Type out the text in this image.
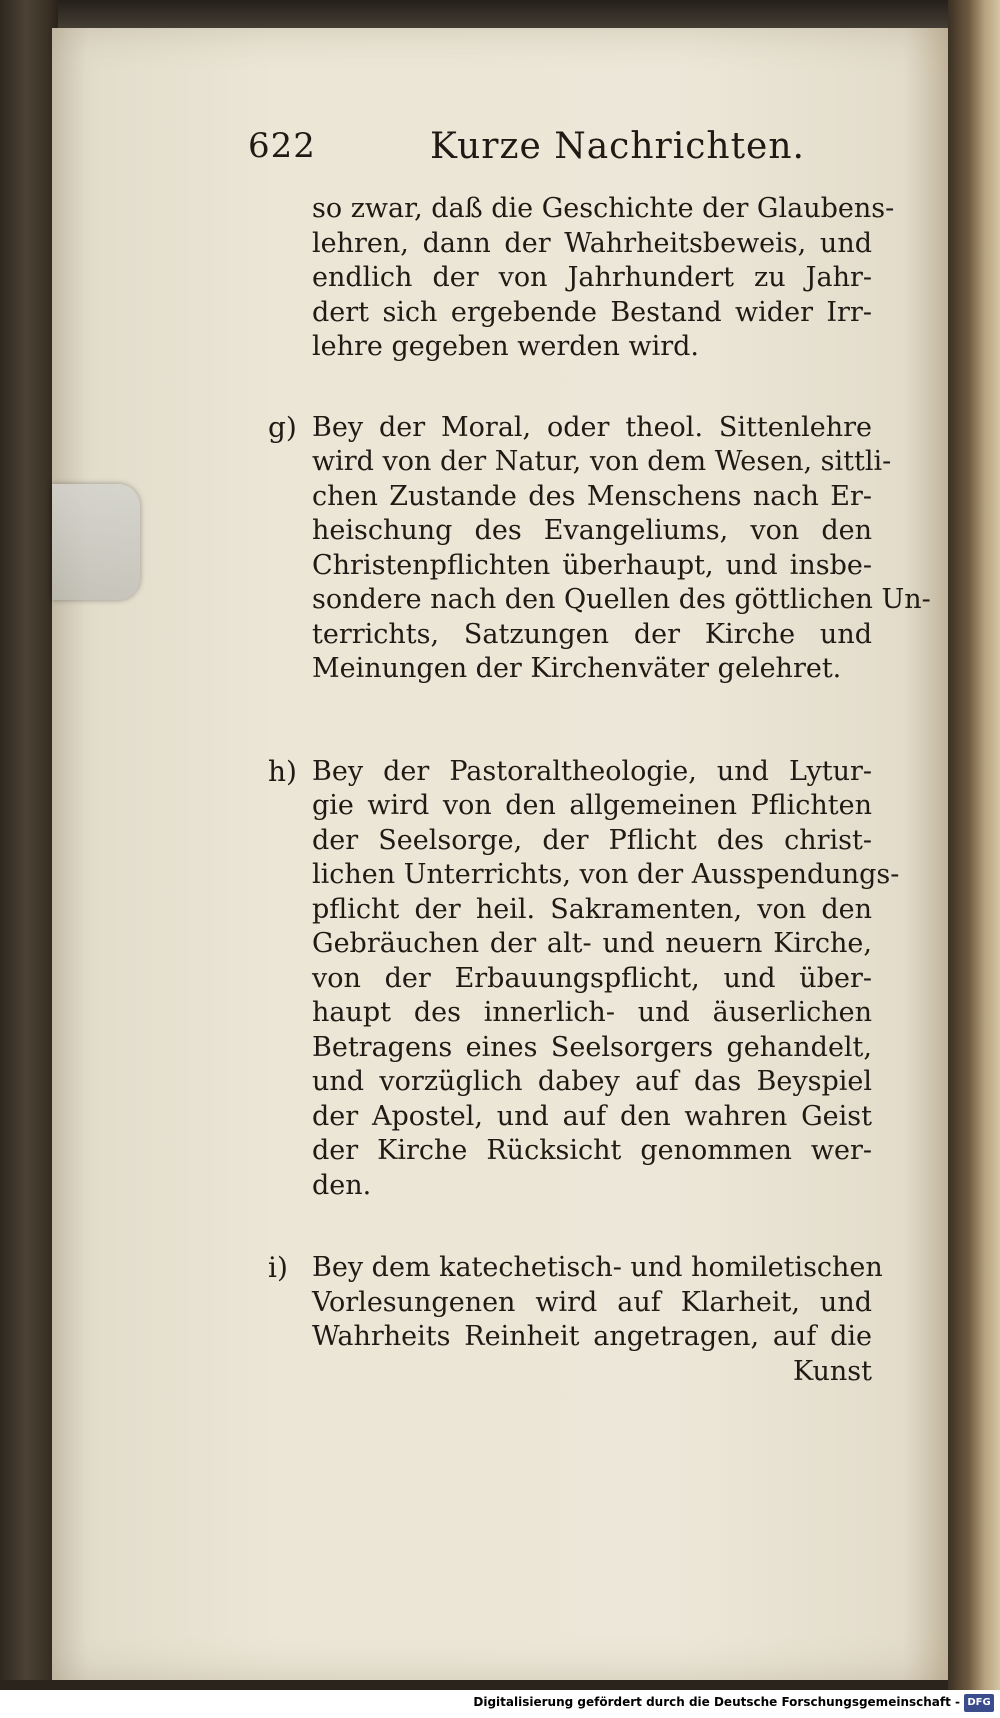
622	Kurze Nachrichten.
so zwar, daß die Geschichte der Glaubens-
lehren, dann der Wahrheitsbeweis, und
endlich der von Jahrhundert zu Jahr-
dert sich ergebende Bestand wider Irr-
lehre gegeben werden wird.
g) Bey der Moral, oder theol. Sittenlehre
wird von der Natur, von dem Wesen, sittli-
chen Zustande des Menschens nach Er-
heischung des Evangeliums, von den
Christenpflichten überhaupt, und insbe-
sondere nach den Quellen des göttlichen Un-
terrichts, Satzungen der Kirche und
Meinungen der Kirchenväter gelehret.
h) Bey der Pastoraltheologie, und Lytur-
gie wird von den allgemeinen Pflichten
der Seelsorge, der Pflicht des christ-
lichen Unterrichts, von der Ausspendungs-
pflicht der heil. Sakramenten, von den
Gebräuchen der alt- und neuern Kirche,
von der Erbauungspflicht, und über-
haupt des innerlich- und äuserlichen
Betragens eines Seelsorgers gehandelt,
und vorzüglich dabey auf das Beyspiel
der Apostel, und auf den wahren Geist
der Kirche Rücksicht genommen wer-
den.
i) Bey dem katechetisch- und homiletischen
Vorlesungenen wird auf Klarheit, und
Wahrheits Reinheit angetragen, auf die
Kunst
Digitalisierung gefördert durch die Deutsche Forschungsgemeinschaft - DFG
